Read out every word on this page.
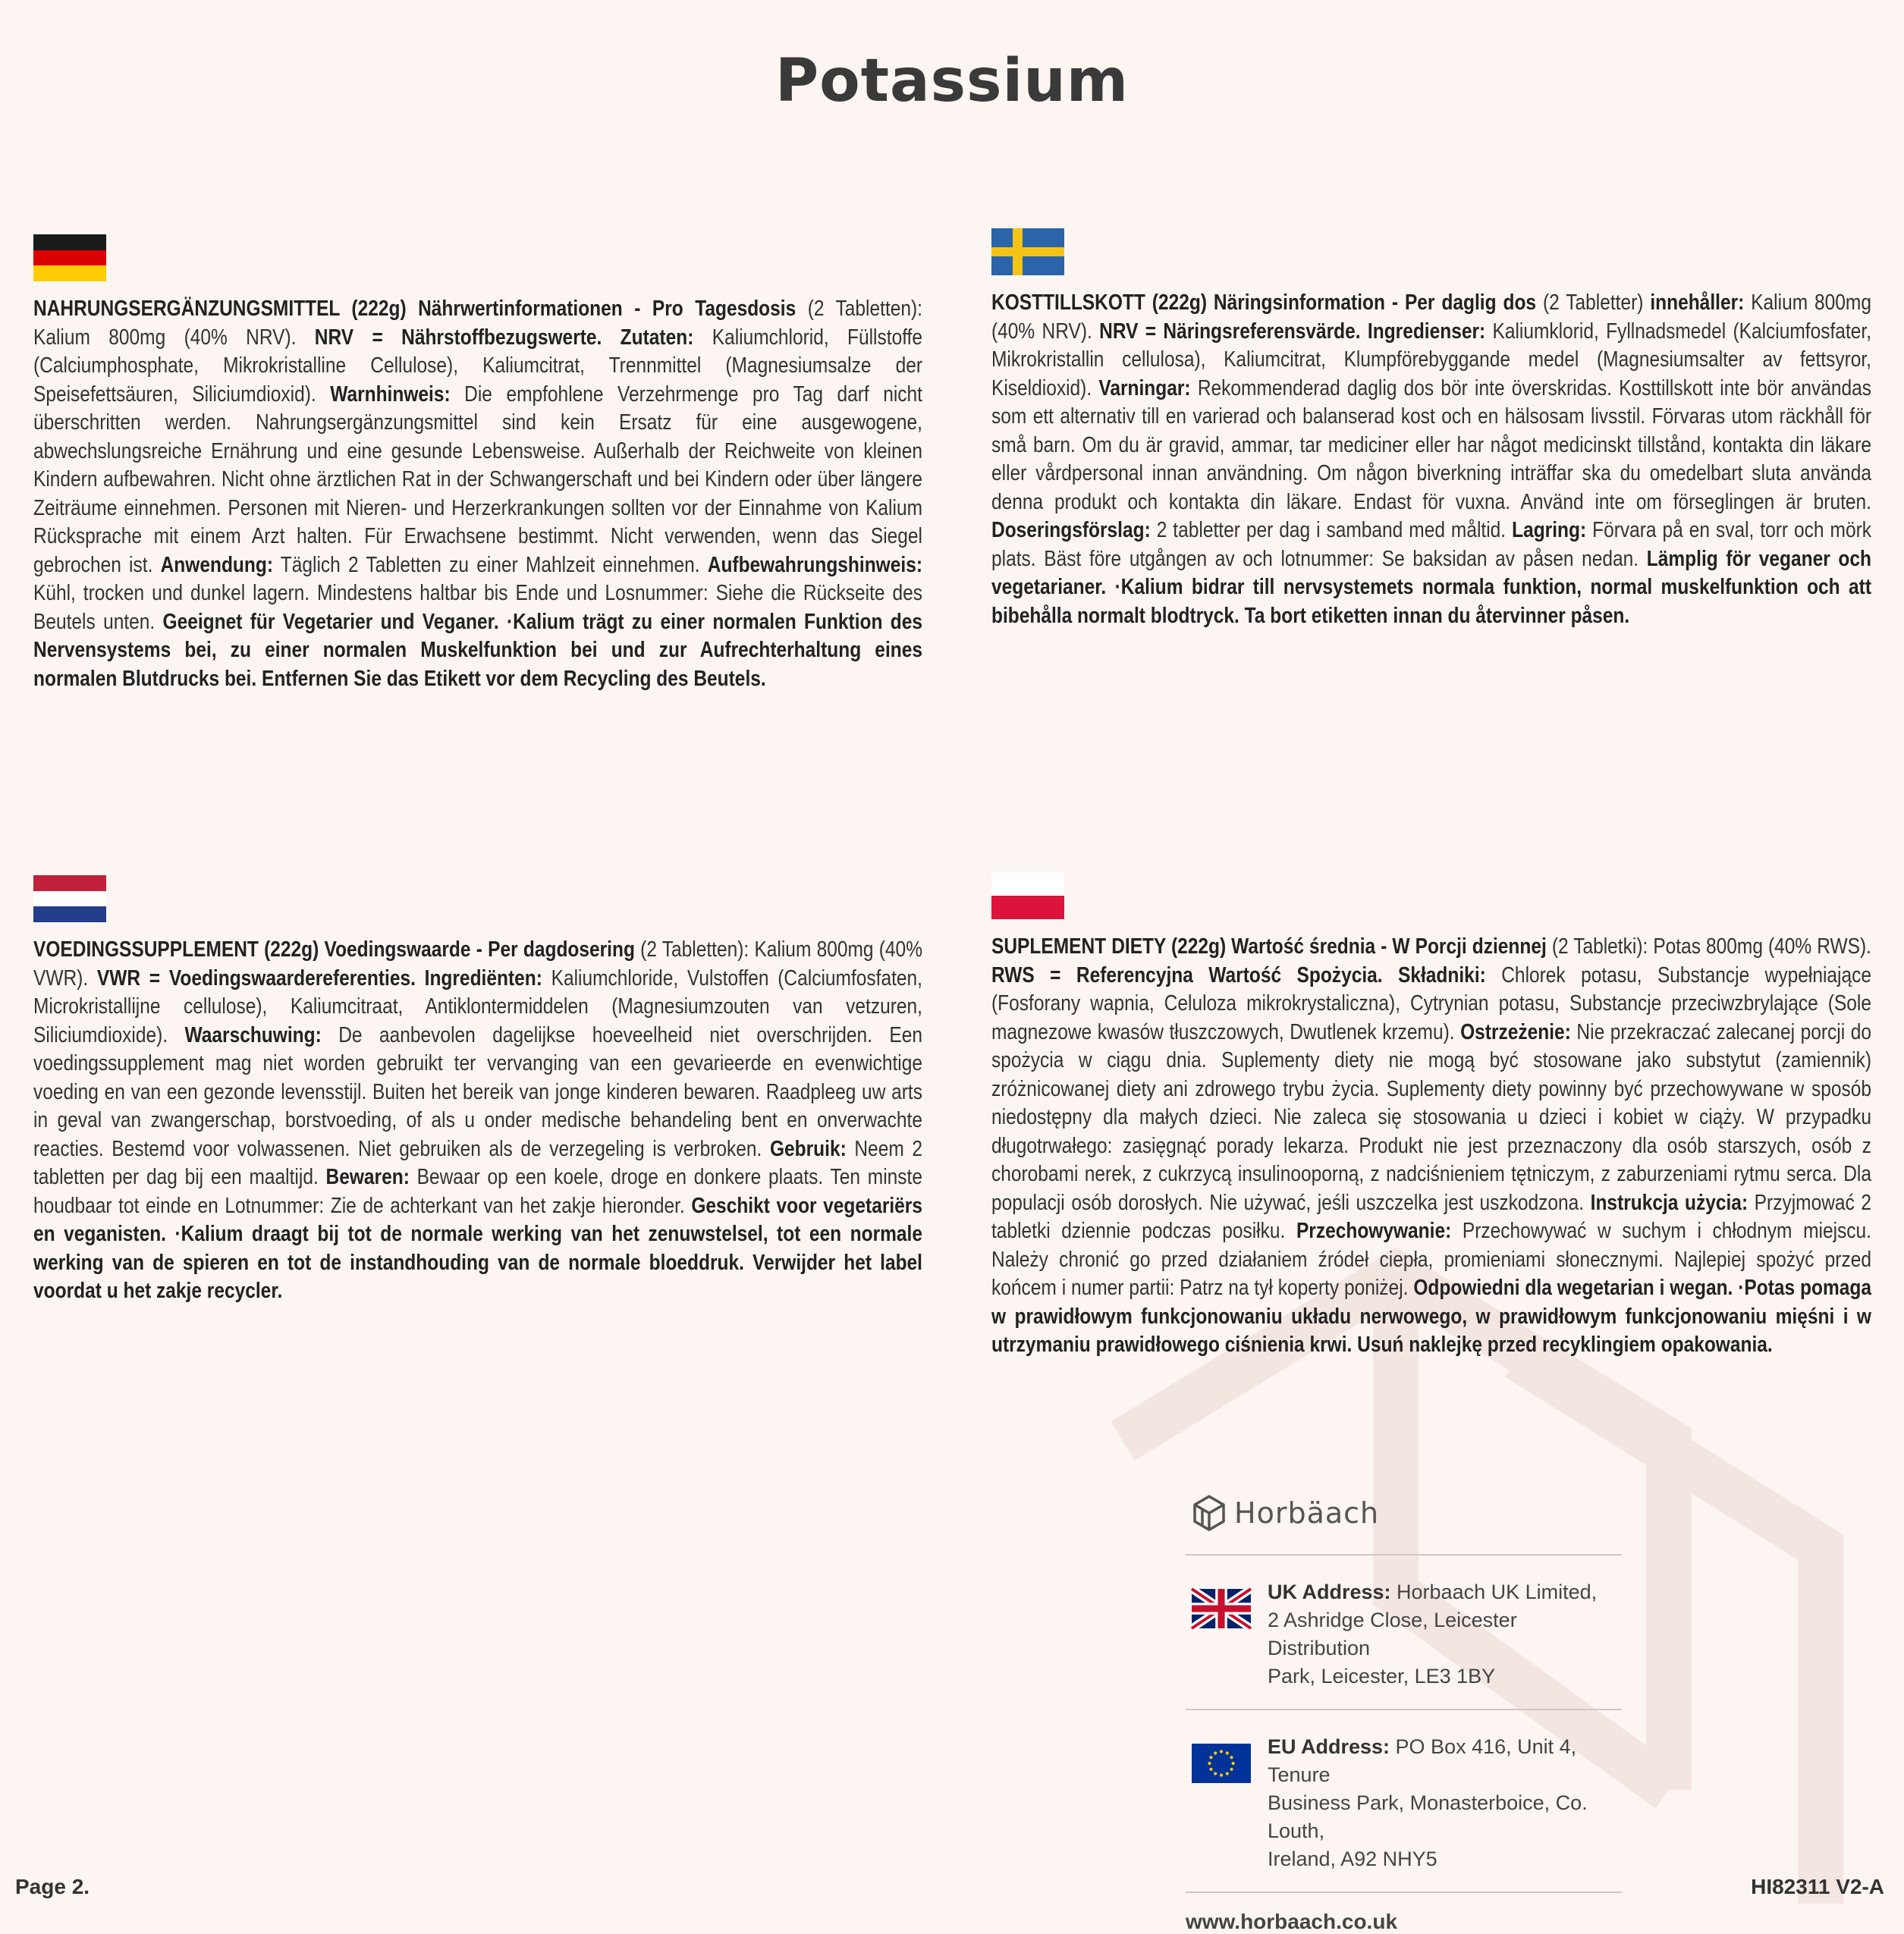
Potassium
NAHRUNGSERGÄNZUNGSMITTEL (222g) Nährwertinformationen - Pro Tagesdosis (2 Tabletten): Kalium 800mg (40% NRV). NRV = Nährstoffbezugswerte. Zutaten: Kaliumchlorid, Füllstoffe (Calciumphosphate, Mikrokristalline Cellulose), Kaliumcitrat, Trennmittel (Magnesiumsalze der Speisefettsäuren, Siliciumdioxid). Warnhinweis: Die empfohlene Verzehrmenge pro Tag darf nicht überschritten werden. Nahrungsergänzungsmittel sind kein Ersatz für eine ausgewogene, abwechslungsreiche Ernährung und eine gesunde Lebensweise. Außerhalb der Reichweite von kleinen Kindern aufbewahren. Nicht ohne ärztlichen Rat in der Schwangerschaft und bei Kindern oder über längere Zeiträume einnehmen. Personen mit Nieren- und Herzerkrankungen sollten vor der Einnahme von Kalium Rücksprache mit einem Arzt halten. Für Erwachsene bestimmt. Nicht verwenden, wenn das Siegel gebrochen ist. Anwendung: Täglich 2 Tabletten zu einer Mahlzeit einnehmen. Aufbewahrungshinweis: Kühl, trocken und dunkel lagern. Mindestens haltbar bis Ende und Losnummer: Siehe die Rückseite des Beutels unten. Geeignet für Vegetarier und Veganer. ·Kalium trägt zu einer normalen Funktion des Nervensystems bei, zu einer normalen Muskelfunktion bei und zur Aufrechterhaltung eines normalen Blutdrucks bei. Entfernen Sie das Etikett vor dem Recycling des Beutels.
KOSTTILLSKOTT (222g) Näringsinformation - Per daglig dos (2 Tabletter) innehåller: Kalium 800mg (40% NRV). NRV = Näringsreferensvärde. Ingredienser: Kaliumklorid, Fyllnadsmedel (Kalciumfosfater, Mikrokristallin cellulosa), Kaliumcitrat, Klumpförebyggande medel (Magnesiumsalter av fettsyror, Kiseldioxid). Varningar: Rekommenderad daglig dos bör inte överskridas. Kosttillskott inte bör användas som ett alternativ till en varierad och balanserad kost och en hälsosam livsstil. Förvaras utom räckhåll för små barn. Om du är gravid, ammar, tar mediciner eller har något medicinskt tillstånd, kontakta din läkare eller vårdpersonal innan användning. Om någon biverkning inträffar ska du omedelbart sluta använda denna produkt och kontakta din läkare. Endast för vuxna. Använd inte om förseglingen är bruten. Doseringsförslag: 2 tabletter per dag i samband med måltid. Lagring: Förvara på en sval, torr och mörk plats. Bäst före utgången av och lotnummer: Se baksidan av påsen nedan. Lämplig för veganer och vegetarianer. ·Kalium bidrar till nervsystemets normala funktion, normal muskelfunktion och att bibehålla normalt blodtryck. Ta bort etiketten innan du återvinner påsen.
VOEDINGSSUPPLEMENT (222g) Voedingswaarde - Per dagdosering (2 Tabletten): Kalium 800mg (40% VWR). VWR = Voedingswaardereferenties. Ingrediënten: Kaliumchloride, Vulstoffen (Calciumfosfaten, Microkristallijne cellulose), Kaliumcitraat, Antiklontermiddelen (Magnesiumzouten van vetzuren, Siliciumdioxide). Waarschuwing: De aanbevolen dagelijkse hoeveelheid niet overschrijden. Een voedingssupplement mag niet worden gebruikt ter vervanging van een gevarieerde en evenwichtige voeding en van een gezonde levensstijl. Buiten het bereik van jonge kinderen bewaren. Raadpleeg uw arts in geval van zwangerschap, borstvoeding, of als u onder medische behandeling bent en onverwachte reacties. Bestemd voor volwassenen. Niet gebruiken als de verzegeling is verbroken. Gebruik: Neem 2 tabletten per dag bij een maaltijd. Bewaren: Bewaar op een koele, droge en donkere plaats. Ten minste houdbaar tot einde en Lotnummer: Zie de achterkant van het zakje hieronder. Geschikt voor vegetariërs en veganisten. ·Kalium draagt bij tot de normale werking van het zenuwstelsel, tot een normale werking van de spieren en tot de instandhouding van de normale bloeddruk. Verwijder het label voordat u het zakje recycler.
SUPLEMENT DIETY (222g) Wartość średnia - W Porcji dziennej (2 Tabletki): Potas 800mg (40% RWS). RWS = Referencyjna Wartość Spożycia. Składniki: Chlorek potasu, Substancje wypełniające (Fosforany wapnia, Celuloza mikrokrystaliczna), Cytrynian potasu, Substancje przeciwzbrylające (Sole magnezowe kwasów tłuszczowych, Dwutlenek krzemu). Ostrzeżenie: Nie przekraczać zalecanej porcji do spożycia w ciągu dnia. Suplementy diety nie mogą być stosowane jako substytut (zamiennik) zróżnicowanej diety ani zdrowego trybu życia. Suplementy diety powinny być przechowywane w sposób niedostępny dla małych dzieci. Nie zaleca się stosowania u dzieci i kobiet w ciąży. W przypadku długotrwałego: zasięgnąć porady lekarza. Produkt nie jest przeznaczony dla osób starszych, osób z chorobami nerek, z cukrzycą insulinooporną, z nadciśnieniem tętniczym, z zaburzeniami rytmu serca. Dla populacji osób dorosłych. Nie używać, jeśli uszczelka jest uszkodzona. Instrukcja użycia: Przyjmować 2 tabletki dziennie podczas posiłku. Przechowywanie: Przechowywać w suchym i chłodnym miejscu. Należy chronić go przed działaniem źródeł ciepła, promieniami słonecznymi. Najlepiej spożyć przed końcem i numer partii: Patrz na tył koperty poniżej. Odpowiedni dla wegetarian i wegan. ·Potas pomaga w prawidłowym funkcjonowaniu układu nerwowego, w prawidłowym funkcjonowaniu mięśni i w utrzymaniu prawidłowego ciśnienia krwi. Usuń naklejkę przed recyklingiem opakowania.
Horbäach
UK Address: Horbaach UK Limited,
2 Ashridge Close, Leicester Distribution
Park, Leicester, LE3 1BY
EU Address: PO Box 416, Unit 4, Tenure
Business Park, Monasterboice, Co. Louth,
Ireland, A92 NHY5
www.horbaach.co.uk
Page 2.	HI82311 V2-A
